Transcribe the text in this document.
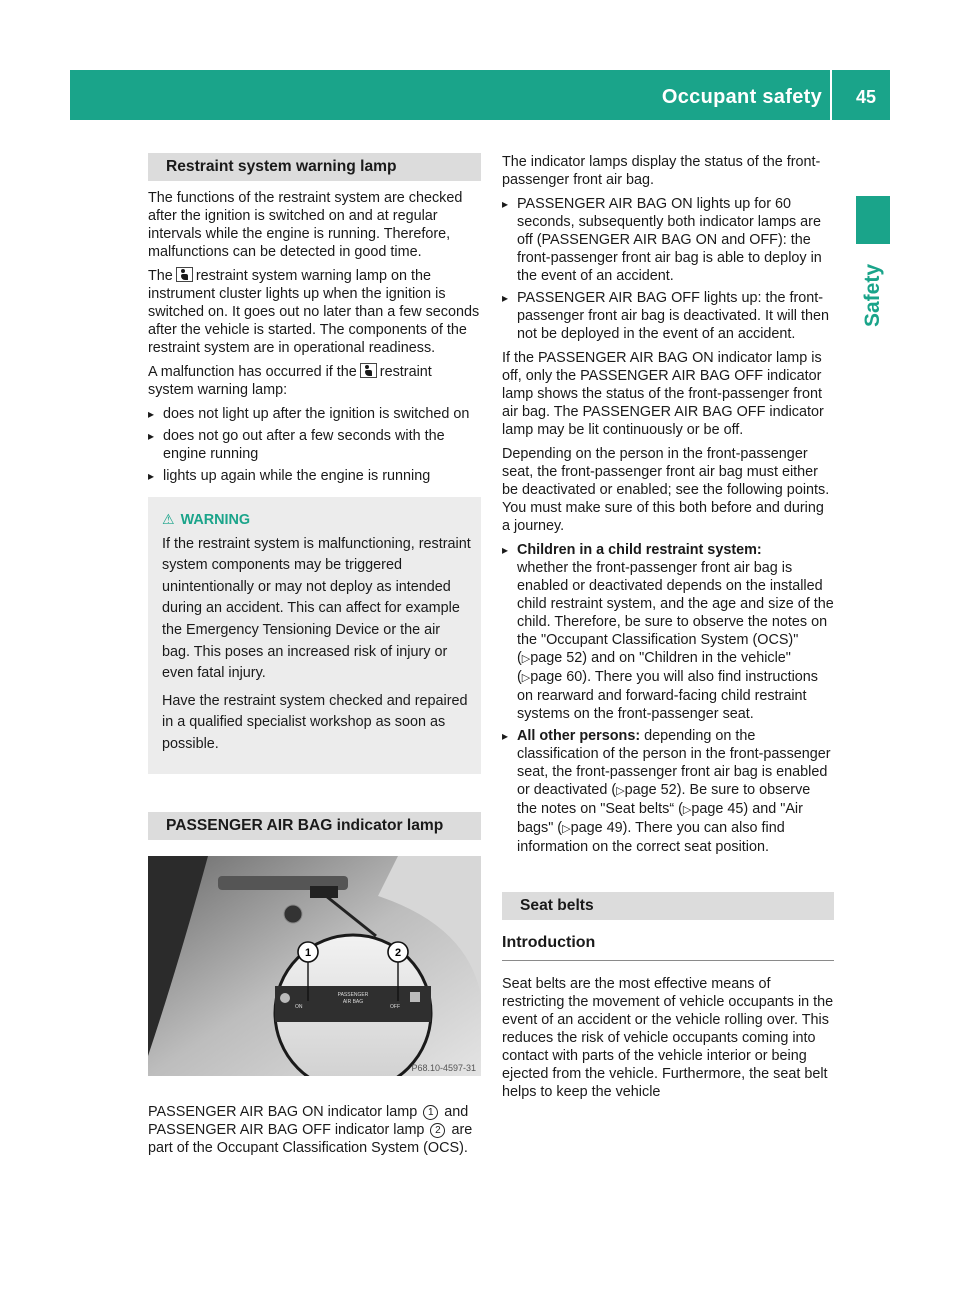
Occupant safety 45
Safety
Restraint system warning lamp

The functions of the restraint system are checked after the ignition is switched on and at regular intervals while the engine is running. Therefore, malfunctions can be detected in good time.

The restraint system warning lamp on the instrument cluster lights up when the ignition is switched on. It goes out no later than a few seconds after the vehicle is started. The components of the restraint system are in operational readiness.

A malfunction has occurred if the restraint system warning lamp:

▸ does not light up after the ignition is switched on
▸ does not go out after a few seconds with the engine running
▸ lights up again while the engine is running
⚠ WARNING

If the restraint system is malfunctioning, restraint system components may be triggered unintentionally or may not deploy as intended during an accident. This can affect for example the Emergency Tensioning Device or the air bag. This poses an increased risk of injury or even fatal injury.

Have the restraint system checked and repaired in a qualified specialist workshop as soon as possible.

PASSENGER AIR BAG indicator lamp
ON
PASSENGER
AIR BAG
OFF
1	2
P68.10-4597-31

PASSENGER AIR BAG ON indicator lamp 1 and PASSENGER AIR BAG OFF indicator lamp 2 are part of the Occupant Classification System (OCS).

The indicator lamps display the status of the front-passenger front air bag.

▸ PASSENGER AIR BAG ON lights up for 60 seconds, subsequently both indicator lamps are off (PASSENGER AIR BAG ON and OFF): the front-passenger front air bag is able to deploy in the event of an accident.
▸ PASSENGER AIR BAG OFF lights up: the front-passenger front air bag is deactivated. It will then not be deployed in the event of an accident.

If the PASSENGER AIR BAG ON indicator lamp is off, only the PASSENGER AIR BAG OFF indicator lamp shows the status of the front-passenger front air bag. The PASSENGER AIR BAG OFF indicator lamp may be lit continuously or be off.

Depending on the person in the front-passenger seat, the front-passenger front air bag must either be deactivated or enabled; see the following points. You must make sure of this both before and during a journey.

▸ Children in a child restraint system:
whether the front-passenger front air bag is enabled or deactivated depends on the installed child restraint system, and the age and size of the child. Therefore, be sure to observe the notes on the "Occupant Classification System (OCS)" (▷page 52) and on "Children in the vehicle" (▷page 60). There you will also find instructions on rearward and forward-facing child restraint systems on the front-passenger seat.
▸ All other persons: depending on the classification of the person in the front-passenger seat, the front-passenger front air bag is enabled or deactivated (▷page 52). Be sure to observe the notes on "Seat belts“ (▷page 45) and "Air bags" (▷page 49). There you can also find information on the correct seat position.
Seat belts
Introduction

Seat belts are the most effective means of restricting the movement of vehicle occupants in the event of an accident or the vehicle rolling over. This reduces the risk of vehicle occupants coming into contact with parts of the vehicle interior or being ejected from the vehicle. Furthermore, the seat belt helps to keep the vehicle
